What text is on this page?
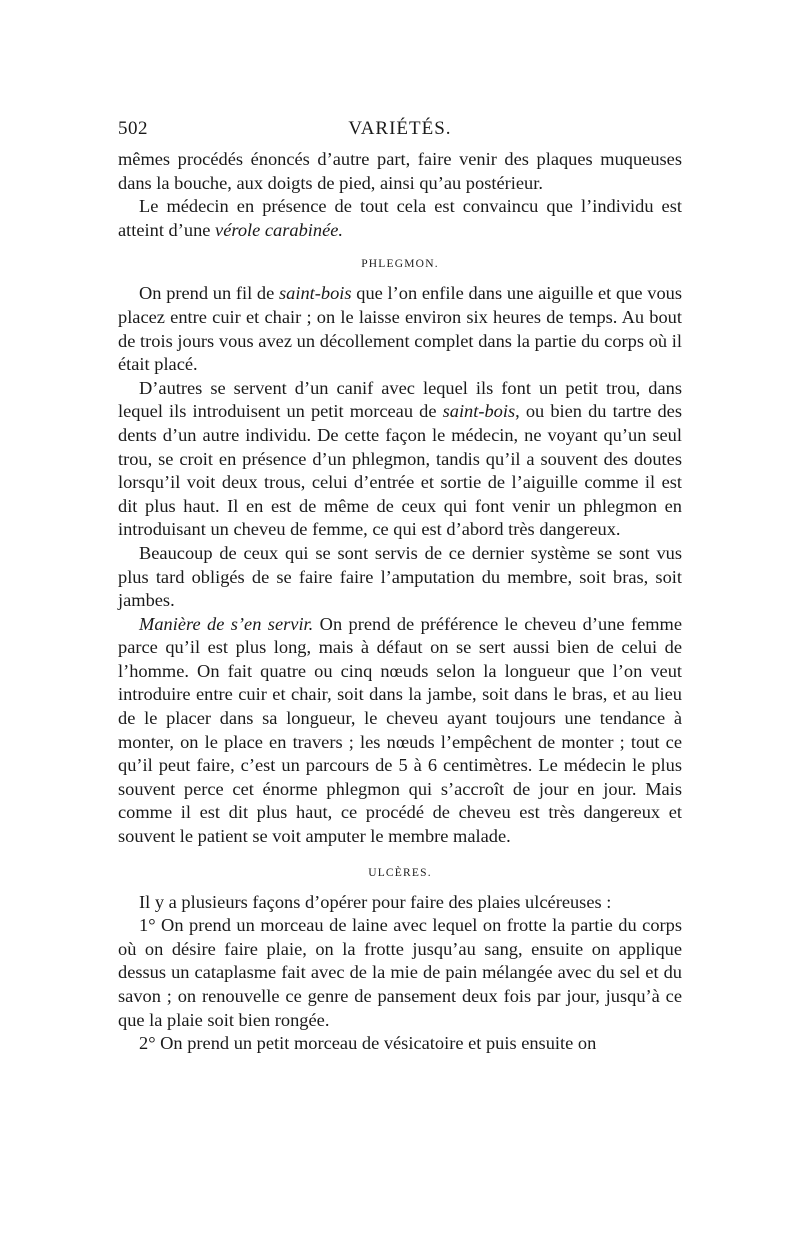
502	VARIÉTÉS.

mêmes procédés énoncés d’autre part, faire venir des plaques muqueuses dans la bouche, aux doigts de pied, ainsi qu’au postérieur.

Le médecin en présence de tout cela est convaincu que l’individu est atteint d’une vérole carabinée.

PHLEGMON.

On prend un fil de saint-bois que l’on enfile dans une aiguille et que vous placez entre cuir et chair ; on le laisse environ six heures de temps. Au bout de trois jours vous avez un décollement complet dans la partie du corps où il était placé.

D’autres se servent d’un canif avec lequel ils font un petit trou, dans lequel ils introduisent un petit morceau de saint-bois, ou bien du tartre des dents d’un autre individu. De cette façon le médecin, ne voyant qu’un seul trou, se croit en présence d’un phlegmon, tandis qu’il a souvent des doutes lorsqu’il voit deux trous, celui d’entrée et sortie de l’aiguille comme il est dit plus haut. Il en est de même de ceux qui font venir un phlegmon en introduisant un cheveu de femme, ce qui est d’abord très dangereux.

Beaucoup de ceux qui se sont servis de ce dernier système se sont vus plus tard obligés de se faire faire l’amputation du membre, soit bras, soit jambes.

Manière de s’en servir. On prend de préférence le cheveu d’une femme parce qu’il est plus long, mais à défaut on se sert aussi bien de celui de l’homme. On fait quatre ou cinq nœuds selon la longueur que l’on veut introduire entre cuir et chair, soit dans la jambe, soit dans le bras, et au lieu de le placer dans sa longueur, le cheveu ayant toujours une tendance à monter, on le place en travers ; les nœuds l’empêchent de monter ; tout ce qu’il peut faire, c’est un parcours de 5 à 6 centimètres. Le médecin le plus souvent perce cet énorme phlegmon qui s’accroît de jour en jour. Mais comme il est dit plus haut, ce procédé de cheveu est très dangereux et souvent le patient se voit amputer le membre malade.

ULCÈRES.

Il y a plusieurs façons d’opérer pour faire des plaies ulcéreuses :

1° On prend un morceau de laine avec lequel on frotte la partie du corps où on désire faire plaie, on la frotte jusqu’au sang, ensuite on applique dessus un cataplasme fait avec de la mie de pain mélangée avec du sel et du savon ; on renouvelle ce genre de pansement deux fois par jour, jusqu’à ce que la plaie soit bien rongée.

2° On prend un petit morceau de vésicatoire et puis ensuite on
